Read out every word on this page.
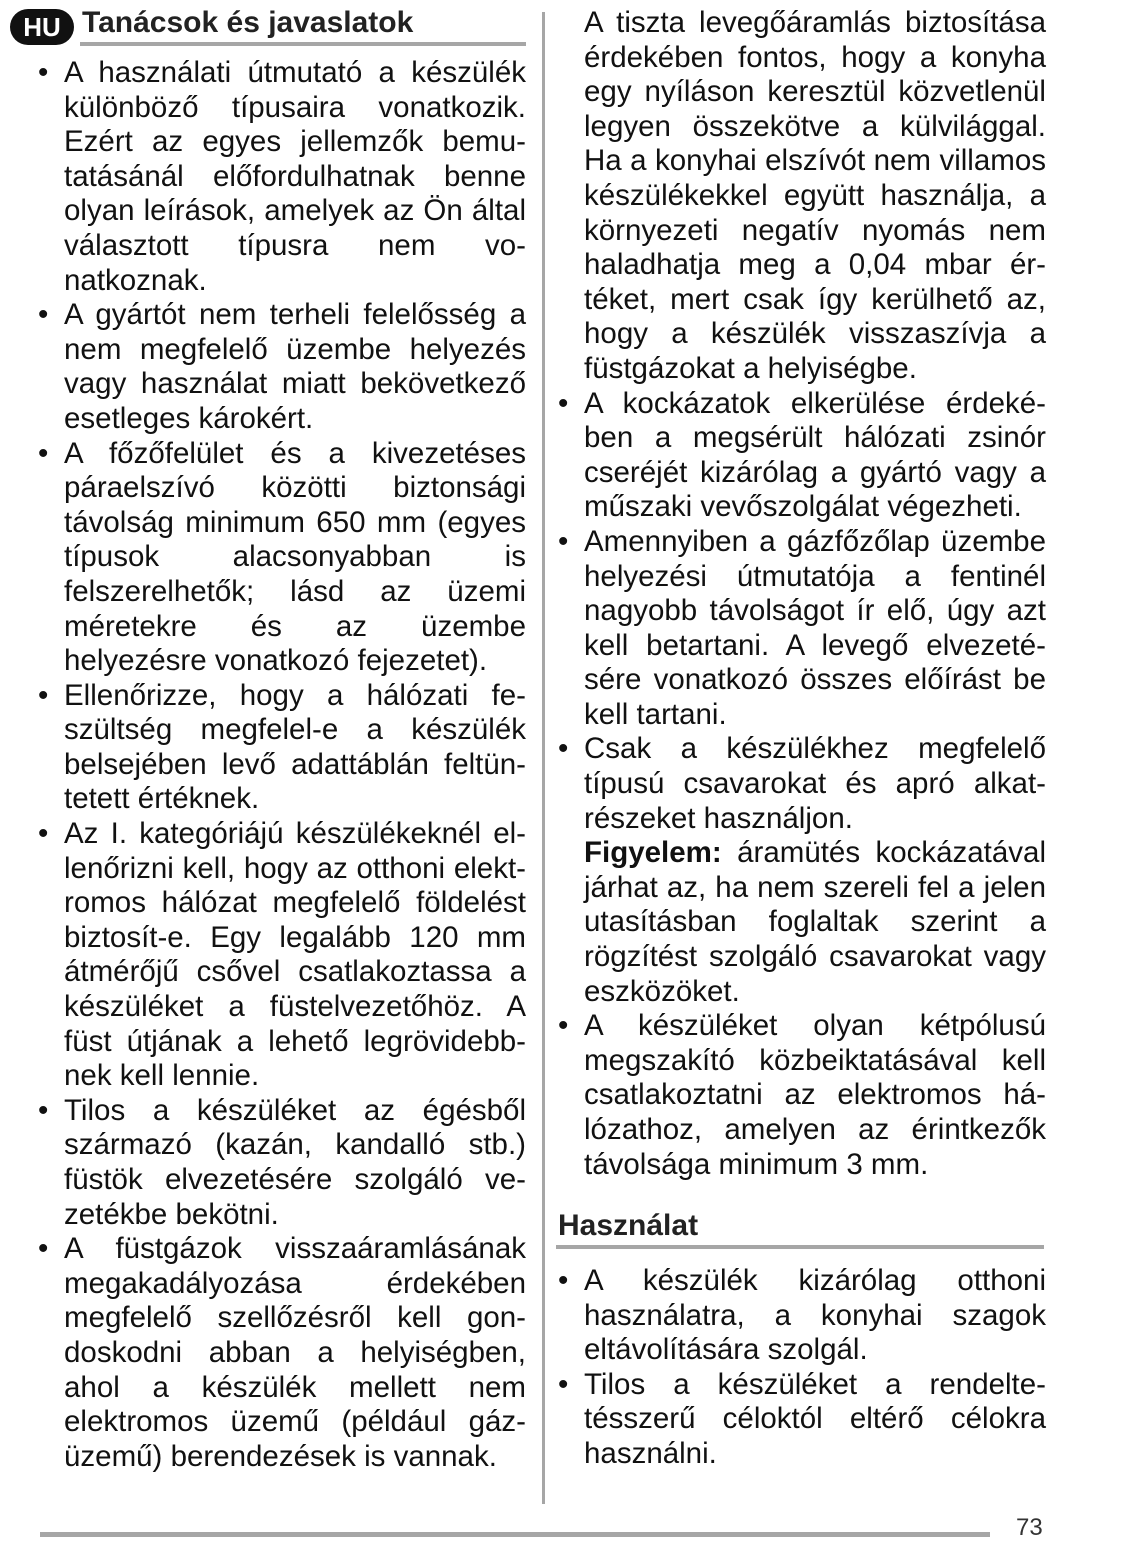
HU Tanácsok és javaslatok

• A használati útmutató a készülék különböző típusaira vonatkozik. Ezért az egyes jellemzők bemutatásánál előfordulhatnak benne olyan leírások, amelyek az Ön által választott típusra nem vonatkoznak.

• A gyártót nem terheli felelősség a nem megfelelő üzembe helyezés vagy használat miatt bekövetkező esetleges károkért.

• A főzőfelület és a kivezetéses páraelszívó közötti biztonsági távolság minimum 650 mm (egyes típusok alacsonyabban is felszerelhetők; lásd az üzemi méretekre és az üzembe helyezésre vonatkozó fejezetet).

• Ellenőrizze, hogy a hálózati feszültség megfelel-e a készülék belsejében levő adattáblán feltüntetett értéknek.

• Az I. kategóriájú készülékeknél ellenőrizni kell, hogy az otthoni elektromos hálózat megfelelő földelést biztosít-e. Egy legalább 120 mm átmérőjű csővel csatlakoztassa a készüléket a füstelvezetőhöz. A füst útjának a lehető legrövidebbnek kell lennie.

• Tilos a készüléket az égésből származó (kazán, kandalló stb.) füstök elvezetésére szolgáló vezetékbe bekötni.

• A füstgázok visszaáramlásának megakadályozása érdekében megfelelő szellőzésről kell gondoskodni abban a helyiségben, ahol a készülék mellett nem elektromos üzemű (például gázüzemű) berendezések is vannak.

A tiszta levegőáramlás biztosítása érdekében fontos, hogy a konyha egy nyíláson keresztül közvetlenül legyen összekötve a külvilággal. Ha a konyhai elszívót nem villamos készülékekkel együtt használja, a környezeti negatív nyomás nem haladhatja meg a 0,04 mbar értéket, mert csak így kerülhető az, hogy a készülék visszaszívja a füstgázokat a helyiségbe.

• A kockázatok elkerülése érdekében a megsérült hálózati zsinór cseréjét kizárólag a gyártó vagy a műszaki vevőszolgálat végezheti.

• Amennyiben a gázfőzőlap üzembe helyezési útmutatója a fentinél nagyobb távolságot ír elő, úgy azt kell betartani. A levegő elvezetésére vonatkozó összes előírást be kell tartani.

• Csak a készülékhez megfelelő típusú csavarokat és apró alkatrészeket használjon.

Figyelem: áramütés kockázatával járhat az, ha nem szereli fel a jelen utasításban foglaltak szerint a rögzítést szolgáló csavarokat vagy eszközöket.

• A készüléket olyan kétpólusú megszakító közbeiktatásával kell csatlakoztatni az elektromos hálózathoz, amelyen az érintkezők távolsága minimum 3 mm.

Használat

• A készülék kizárólag otthoni használatra, a konyhai szagok eltávolítására szolgál.

• Tilos a készüléket a rendeltetésszerű céloktól eltérő célokra használni.

73
